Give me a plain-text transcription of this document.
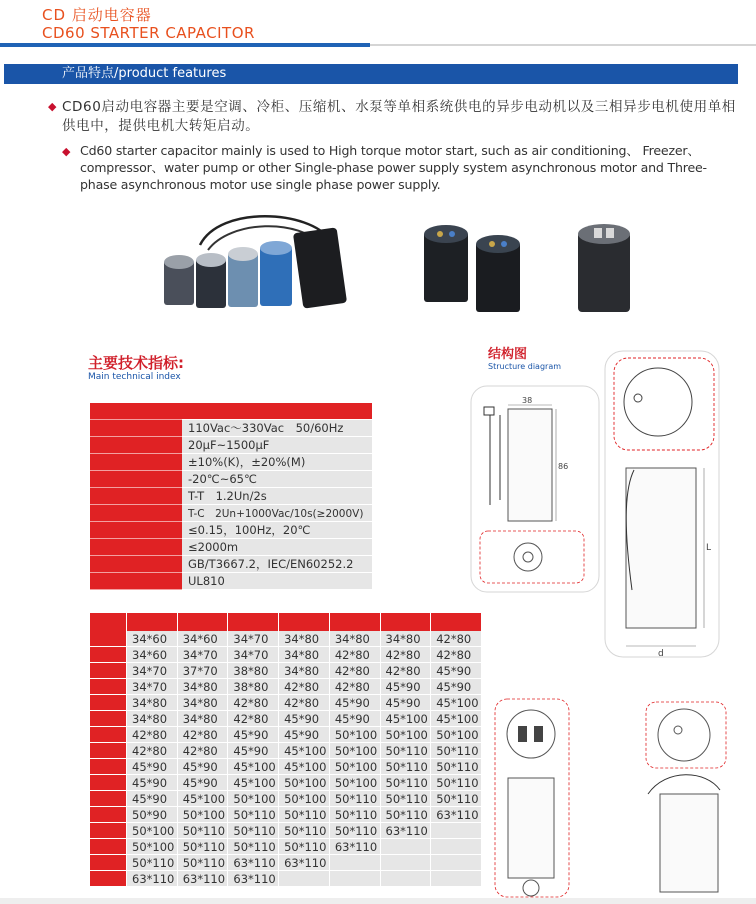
CD 启动电容器
CD60 STARTER CAPACITOR
产品特点/product features
◆ CD60启动电容器主要是空调、冷柜、压缩机、水泵等单相系统供电的异步电动机以及三相异步电机使用单相供电中，提供电机大转矩启动。
◆ Cd60 starter capacitor mainly is used to High torque motor start, such as air conditioning、 Freezer、 compressor、water pump or other Single-phase power supply system asynchronous motor and Three-phase asynchronous motor use single phase power supply.
主要技术指标:
Main technical index

	110Vac～330Vac　50/60Hz
	20μF~1500μF
	±10%(K)，±20%(M)
	-20℃~65℃
	T-T　1.2Un/2s
	T-C　2Un+1000Vac/10s(≥2000V)
	≤0.15，100Hz，20℃
	≤2000m
	GB/T3667.2，IEC/EN60252.2
	UL810
结构图
Structure diagram
38
86
L
d

	34*60	34*60	34*70	34*80	34*80	34*80	42*80
	34*60	34*70	34*70	34*80	42*80	42*80	42*80
	34*70	37*70	38*80	34*80	42*80	42*80	45*90
	34*70	34*80	38*80	42*80	42*80	45*90	45*90
	34*80	34*80	42*80	42*80	45*90	45*90	45*100
	34*80	34*80	42*80	45*90	45*90	45*100	45*100
	42*80	42*80	45*90	45*90	50*100	50*100	50*100
	42*80	42*80	45*90	45*100	50*100	50*110	50*110
	45*90	45*90	45*100	45*100	50*100	50*110	50*110
	45*90	45*90	45*100	50*100	50*100	50*110	50*110
	45*90	45*100	50*100	50*100	50*110	50*110	50*110
	50*90	50*100	50*110	50*110	50*110	50*110	63*110
	50*100	50*110	50*110	50*110	50*110	63*110	
	50*100	50*110	50*110	50*110	63*110		
	50*110	50*110	63*110	63*110			
	63*110	63*110	63*110				
